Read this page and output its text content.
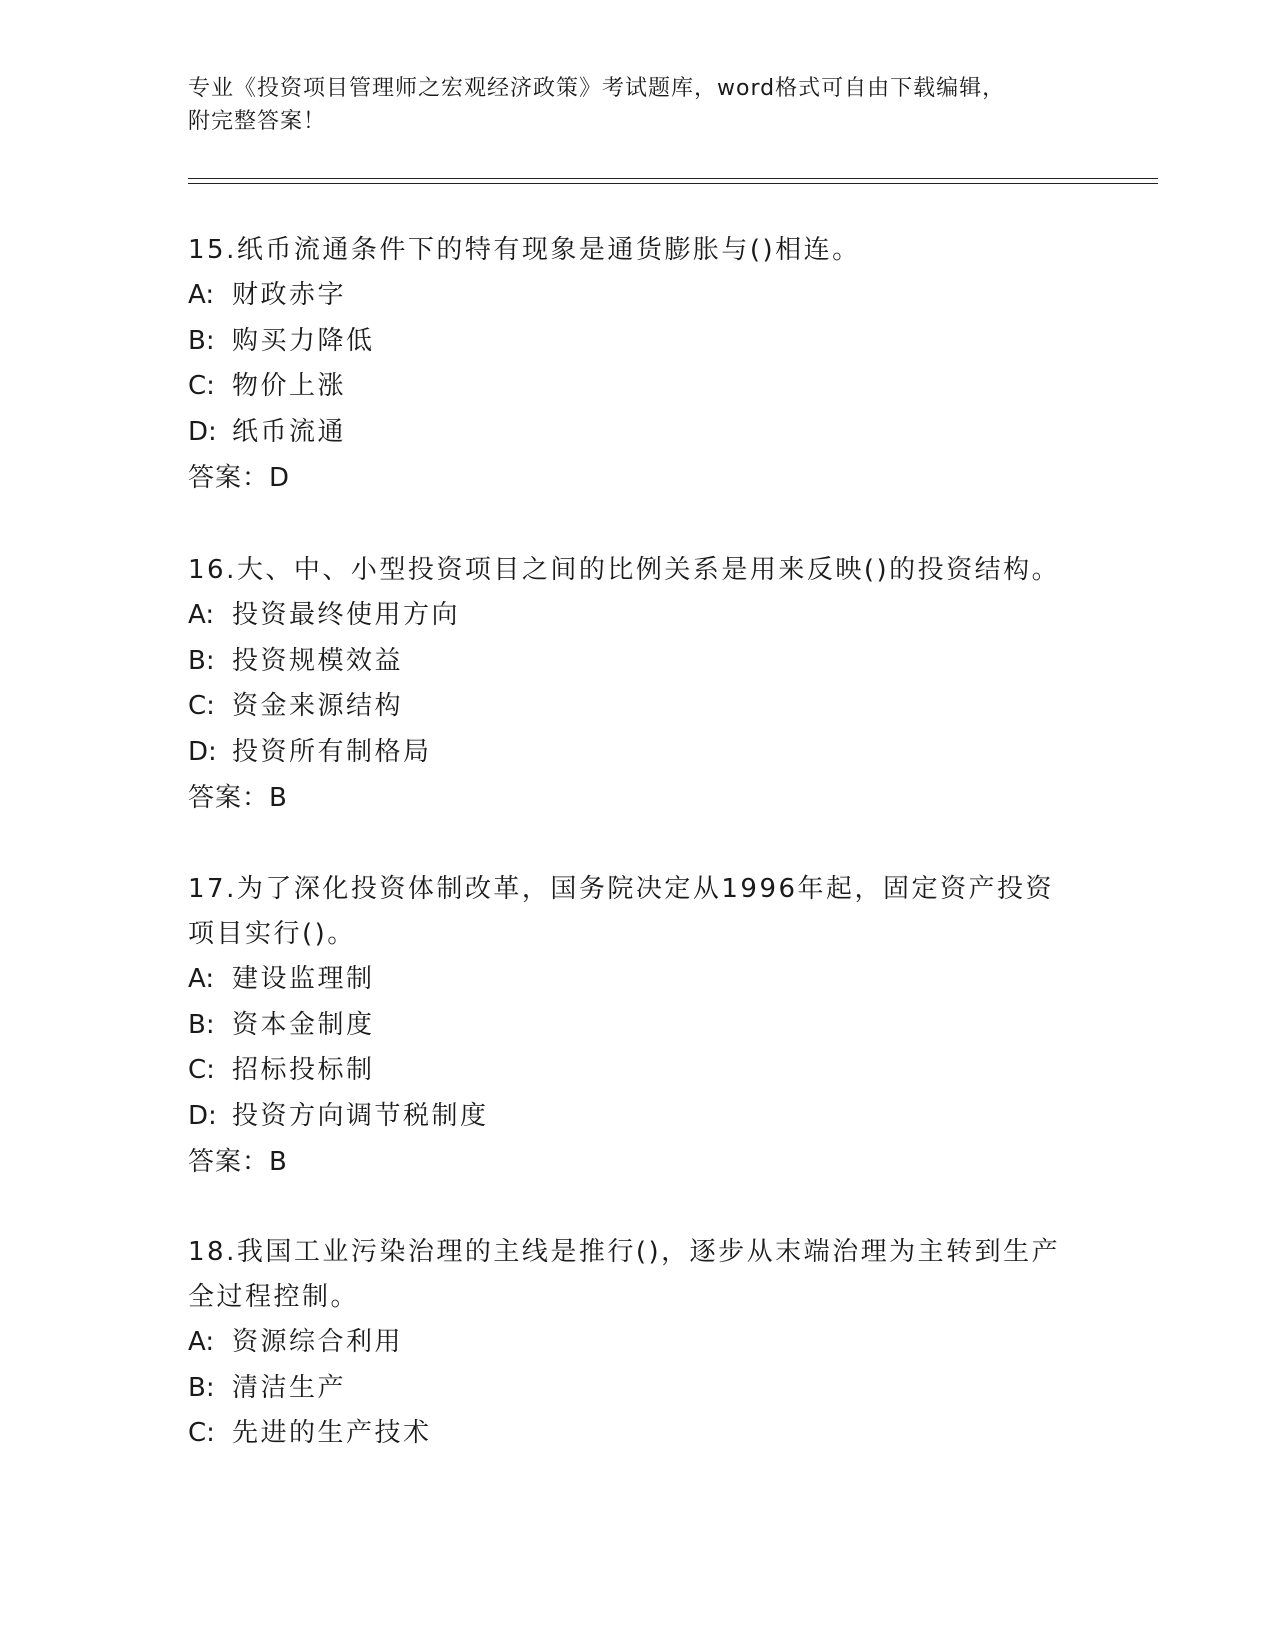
专业《投资项目管理师之宏观经济政策》考试题库，word格式可自由下载编辑，
附完整答案！
15.纸币流通条件下的特有现象是通货膨胀与()相连。
A: 财政赤字
B: 购买力降低
C: 物价上涨
D: 纸币流通
答案：D
16.大、中、小型投资项目之间的比例关系是用来反映()的投资结构。
A: 投资最终使用方向
B: 投资规模效益
C: 资金来源结构
D: 投资所有制格局
答案：B
17.为了深化投资体制改革，国务院决定从1996年起，固定资产投资
项目实行()。
A: 建设监理制
B: 资本金制度
C: 招标投标制
D: 投资方向调节税制度
答案：B
18.我国工业污染治理的主线是推行()，逐步从末端治理为主转到生产
全过程控制。
A: 资源综合利用
B: 清洁生产
C: 先进的生产技术
